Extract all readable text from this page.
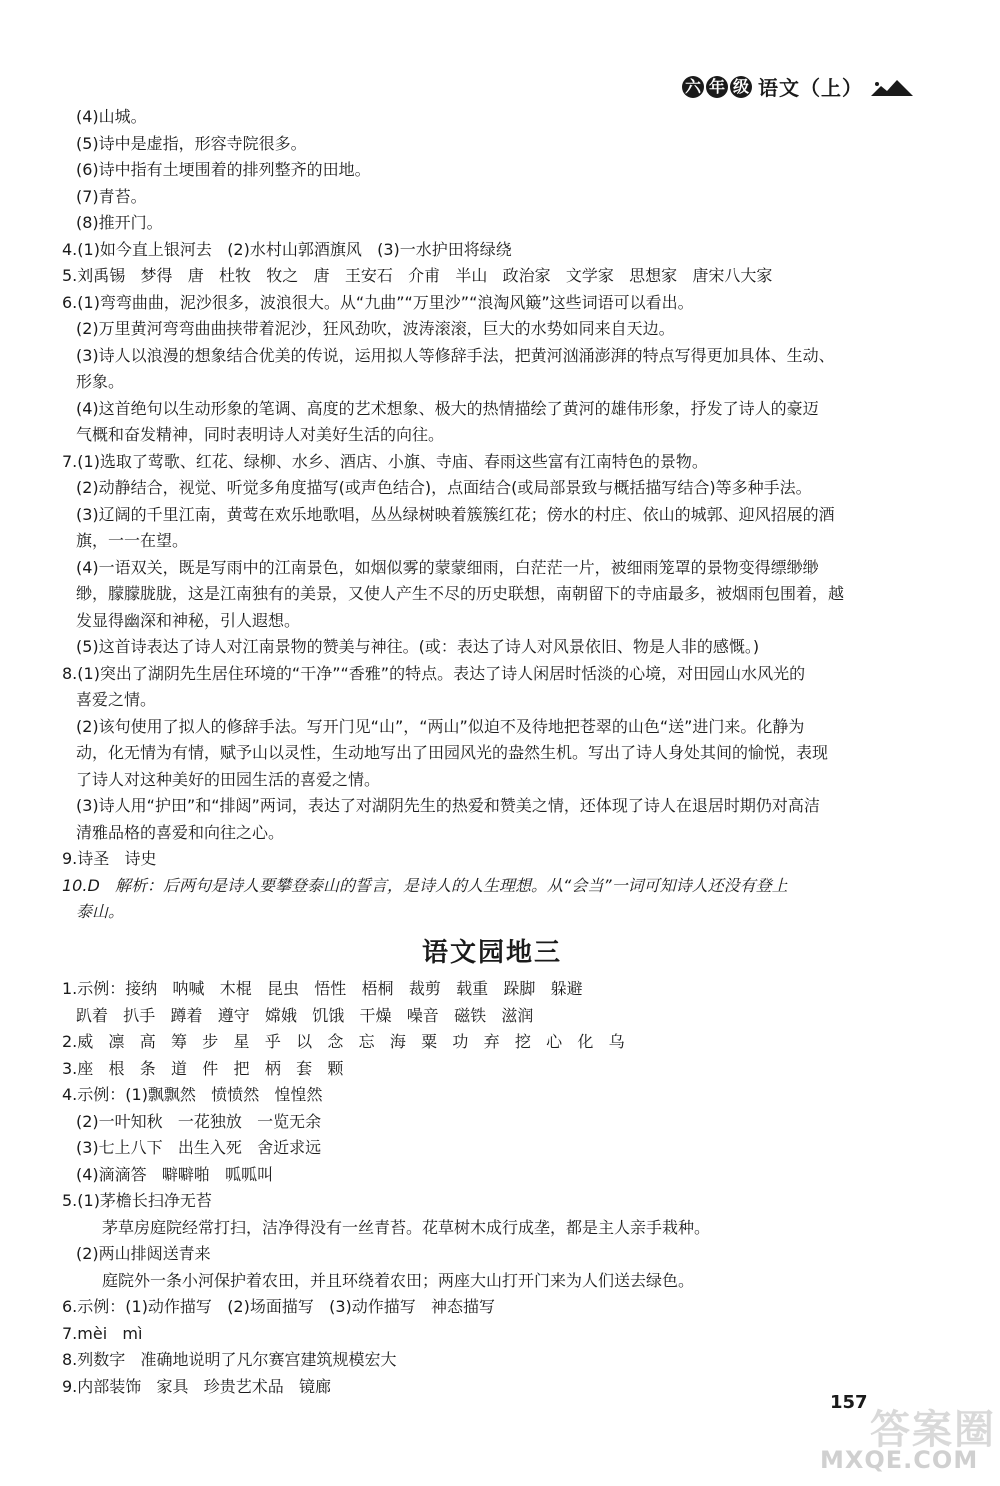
六 年 级 语文（上）
(4)山城。
(5)诗中是虚指，形容寺院很多。
(6)诗中指有土埂围着的排列整齐的田地。
(7)青苔。
(8)推开门。
4.(1)如今直上银河去   (2)水村山郭酒旗风   (3)一水护田将绿绕
5.刘禹锡   梦得   唐   杜牧   牧之   唐   王安石   介甫   半山   政治家   文学家   思想家   唐宋八大家
6.(1)弯弯曲曲，泥沙很多，波浪很大。从“九曲”“万里沙”“浪淘风簸”这些词语可以看出。
(2)万里黄河弯弯曲曲挟带着泥沙，狂风劲吹，波涛滚滚，巨大的水势如同来自天边。
(3)诗人以浪漫的想象结合优美的传说，运用拟人等修辞手法，把黄河汹涌澎湃的特点写得更加具体、生动、
形象。
(4)这首绝句以生动形象的笔调、高度的艺术想象、极大的热情描绘了黄河的雄伟形象，抒发了诗人的豪迈
气概和奋发精神，同时表明诗人对美好生活的向往。
7.(1)选取了莺歌、红花、绿柳、水乡、酒店、小旗、寺庙、春雨这些富有江南特色的景物。
(2)动静结合，视觉、听觉多角度描写(或声色结合)，点面结合(或局部景致与概括描写结合)等多种手法。
(3)辽阔的千里江南，黄莺在欢乐地歌唱，丛丛绿树映着簇簇红花；傍水的村庄、依山的城郭、迎风招展的酒
旗，一一在望。
(4)一语双关，既是写雨中的江南景色，如烟似雾的蒙蒙细雨，白茫茫一片，被细雨笼罩的景物变得缥缈缈
缈，朦朦胧胧，这是江南独有的美景，又使人产生不尽的历史联想，南朝留下的寺庙最多，被烟雨包围着，越
发显得幽深和神秘，引人遐想。
(5)这首诗表达了诗人对江南景物的赞美与神往。(或：表达了诗人对风景依旧、物是人非的感慨。)
8.(1)突出了湖阴先生居住环境的“干净”“香雅”的特点。表达了诗人闲居时恬淡的心境，对田园山水风光的
喜爱之情。
(2)该句使用了拟人的修辞手法。写开门见“山”，“两山”似迫不及待地把苍翠的山色“送”进门来。化静为
动，化无情为有情，赋予山以灵性，生动地写出了田园风光的盎然生机。写出了诗人身处其间的愉悦，表现
了诗人对这种美好的田园生活的喜爱之情。
(3)诗人用“护田”和“排闼”两词，表达了对湖阴先生的热爱和赞美之情，还体现了诗人在退居时期仍对高洁
清雅品格的喜爱和向往之心。
9.诗圣   诗史
10.D   解析：后两句是诗人要攀登泰山的誓言，是诗人的人生理想。从“会当”一词可知诗人还没有登上
泰山。
语文园地三
1.示例：接纳   呐喊   木棍   昆虫   悟性   梧桐   裁剪   载重   跺脚   躲避
趴着   扒手   蹲着   遵守   嫦娥   饥饿   干燥   噪音   磁铁   滋润
2.威   凛   高   筹   步   星   乎   以   念   忘   海   粟   功   弃   挖   心   化   乌
3.座   根   条   道   件   把   柄   套   颗
4.示例：(1)飘飘然   愤愤然   惶惶然
(2)一叶知秋   一花独放   一览无余
(3)七上八下   出生入死   舍近求远
(4)滴滴答   噼噼啪   呱呱叫
5.(1)茅檐长扫净无苔
茅草房庭院经常打扫，洁净得没有一丝青苔。花草树木成行成垄，都是主人亲手栽种。
(2)两山排闼送青来
庭院外一条小河保护着农田，并且环绕着农田；两座大山打开门来为人们送去绿色。
6.示例：(1)动作描写   (2)场面描写   (3)动作描写   神态描写
7.mèi   mì
8.列数字   准确地说明了凡尔赛宫建筑规模宏大
9.内部装饰   家具   珍贵艺术品   镜廊
157
答案圈
MXQE.COM
